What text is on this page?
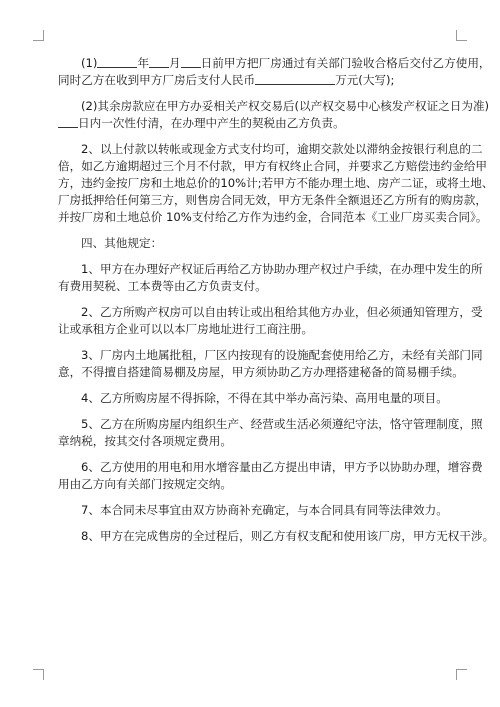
(1)	年 月 日前甲方把厂房通过有关部门验收合格后交付乙方使用，
同时乙方在收到甲方厂房后支付人民币	万元(大写);
(2)其余房款应在甲方办妥相关产权交易后(以产权交易中心核发产权证之日为准)
日内一次性付清，在办理中产生的契税由乙方负责。
2、以上付款以转帐或现金方式支付均可，逾期交款处以滞纳金按银行利息的二
倍，如乙方逾期超过三个月不付款，甲方有权终止合同，并要求乙方赔偿违约金给甲
方，违约金按厂房和土地总价的10%计;若甲方不能办理土地、房产二证，或将土地、
厂房抵押给任何第三方，则售房合同无效，甲方无条件全额退还乙方所有的购房款，
并按厂房和土地总价 10%支付给乙方作为违约金，合同范本《工业厂房买卖合同》。
四、其他规定：
1、甲方在办理好产权证后再给乙方协助办理产权过户手续，在办理中发生的所
有费用契税、工本费等由乙方负责支付。
2、乙方所购产权房可以自由转让或出租给其他方办业，但必须通知管理方，受
让或承租方企业可以以本厂房地址进行工商注册。
3、厂房内土地属批租，厂区内按现有的设施配套使用给乙方，未经有关部门同
意，不得擅自搭建简易棚及房屋，甲方须协助乙方办理搭建秘备的简易棚手续。
4、乙方所购房屋不得拆除，不得在其中举办高污染、高用电量的项目。
5、乙方在所购房屋内组织生产、经营或生活必须遵纪守法，恪守管理制度，照
章纳税，按其交付各项规定费用。
6、乙方使用的用电和用水增容量由乙方提出申请，甲方予以协助办理，增容费
用由乙方向有关部门按规定交纳。
7、本合同未尽事宜由双方协商补充确定，与本合同具有同等法律效力。
8、甲方在完成售房的全过程后，则乙方有权支配和使用该厂房，甲方无权干涉。
